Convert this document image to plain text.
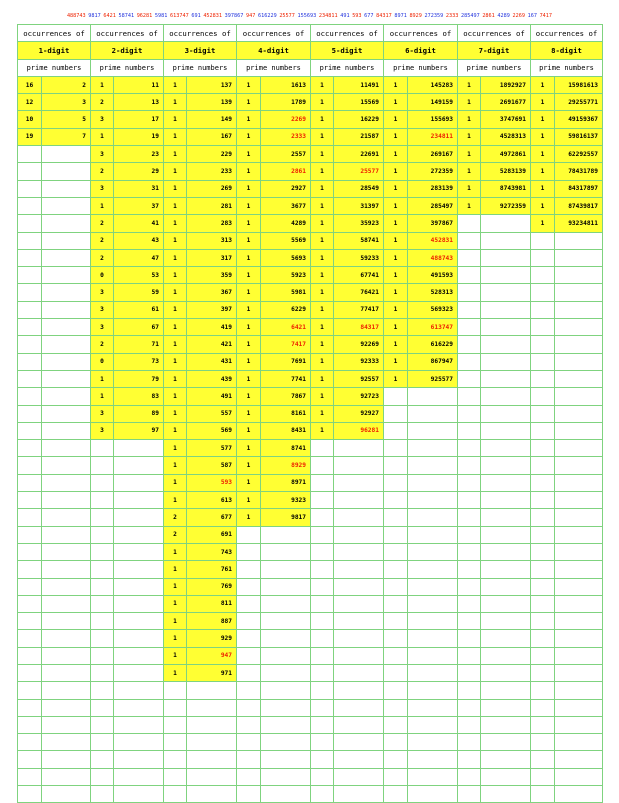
488743 9817 6421 58741 96281 5981 613747 691 452831 397867 947 616229 25577 155693 234811 491 593 677 84317 8971 8929 272359 2333 285497 2861 4289 2269 167 7417
occurrences of		occurrences of		occurrences of		occurrences of		occurrences of		occurrences of		occurrences of		occurrences of	
1-digit		2-digit		3-digit		4-digit		5-digit		6-digit		7-digit		8-digit	
prime numbers		prime numbers		prime numbers		prime numbers		prime numbers		prime numbers		prime numbers		prime numbers	
16	2	1	11	1	137	1	1613	1	11491	1	145283	1	1892927	1	15981613
12	3	2	13	1	139	1	1789	1	15569	1	149159	1	2691677	1	29255771
10	5	3	17	1	149	1	2269	1	16229	1	155693	1	3747691	1	49159367
19	7	1	19	1	167	1	2333	1	21587	1	234811	1	4528313	1	59816137
		3	23	1	229	1	2557	1	22691	1	269167	1	4972861	1	62292557
		2	29	1	233	1	2861	1	25577	1	272359	1	5283139	1	78431789
		3	31	1	269	1	2927	1	28549	1	283139	1	8743981	1	84317897
		1	37	1	281	1	3677	1	31397	1	285497	1	9272359	1	87439817
		2	41	1	283	1	4289	1	35923	1	397867			1	93234811
		2	43	1	313	1	5569	1	58741	1	452831				
		2	47	1	317	1	5693	1	59233	1	488743				
		0	53	1	359	1	5923	1	67741	1	491593				
		3	59	1	367	1	5981	1	76421	1	528313				
		3	61	1	397	1	6229	1	77417	1	569323				
		3	67	1	419	1	6421	1	84317	1	613747				
		2	71	1	421	1	7417	1	92269	1	616229				
		0	73	1	431	1	7691	1	92333	1	867947				
		1	79	1	439	1	7741	1	92557	1	925577				
		1	83	1	491	1	7867	1	92723						
		3	89	1	557	1	8161	1	92927						
		3	97	1	569	1	8431	1	96281						
				1	577	1	8741								
				1	587	1	8929								
				1	593	1	8971								
				1	613	1	9323								
				2	677	1	9817								
				2	691										
				1	743										
				1	761										
				1	769										
				1	811										
				1	887										
				1	929										
				1	947										
				1	971										
